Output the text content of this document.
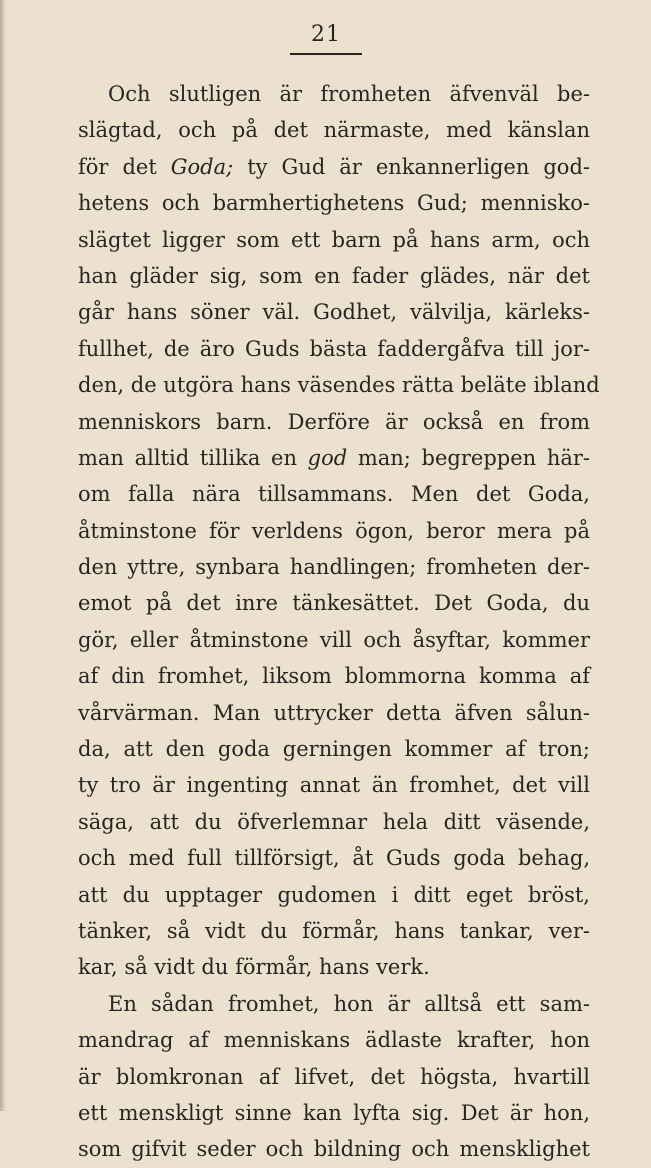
21
Och slutligen är fromheten äfvenväl be-
slägtad, och på det närmaste, med känslan
för det Goda; ty Gud är enkannerligen god-
hetens och barmhertighetens Gud; mennisko-
slägtet ligger som ett barn på hans arm, och
han gläder sig, som en fader glädes, när det
går hans söner väl. Godhet, välvilja, kärleks-
fullhet, de äro Guds bästa faddergåfva till jor-
den, de utgöra hans väsendes rätta beläte ibland
menniskors barn. Derföre är också en from
man alltid tillika en god man; begreppen här-
om falla nära tillsammans. Men det Goda,
åtminstone för verldens ögon, beror mera på
den yttre, synbara handlingen; fromheten der-
emot på det inre tänkesättet. Det Goda, du
gör, eller åtminstone vill och åsyftar, kommer
af din fromhet, liksom blommorna komma af
vårvärman. Man uttrycker detta äfven sålun-
da, att den goda gerningen kommer af tron;
ty tro är ingenting annat än fromhet, det vill
säga, att du öfverlemnar hela ditt väsende,
och med full tillförsigt, åt Guds goda behag,
att du upptager gudomen i ditt eget bröst,
tänker, så vidt du förmår, hans tankar, ver-
kar, så vidt du förmår, hans verk.
En sådan fromhet, hon är alltså ett sam-
mandrag af menniskans ädlaste krafter, hon
är blomkronan af lifvet, det högsta, hvartill
ett menskligt sinne kan lyfta sig. Det är hon,
som gifvit seder och bildning och mensklighet
